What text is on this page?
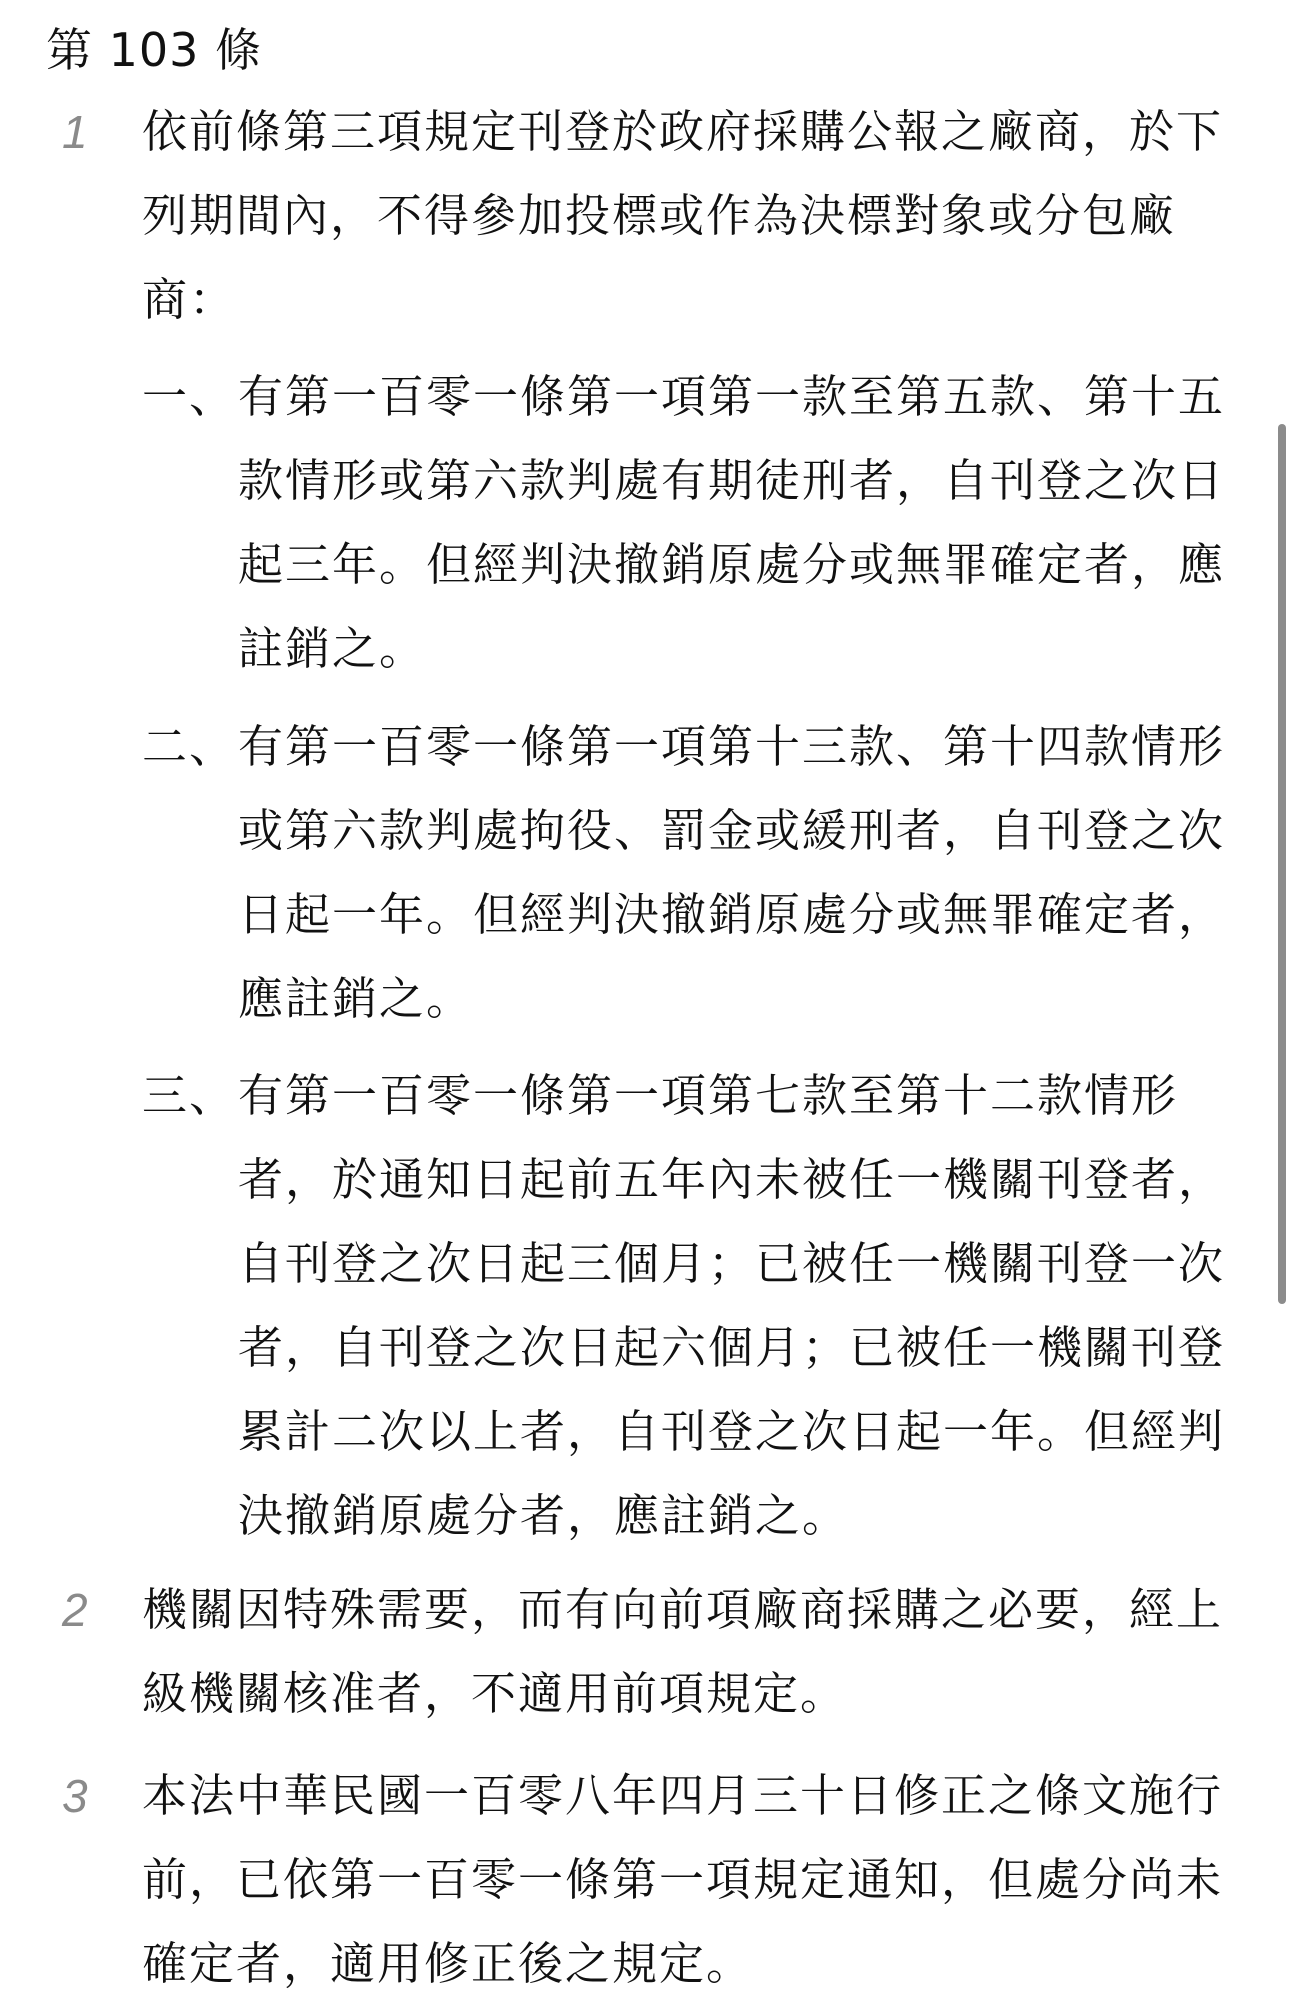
第 103 條
1 依前條第三項規定刊登於政府採購公報之廠商，於下
列期間內，不得參加投標或作為決標對象或分包廠
商：
一、 有第一百零一條第一項第一款至第五款、第十五
款情形或第六款判處有期徒刑者，自刊登之次日
起三年。但經判決撤銷原處分或無罪確定者，應
註銷之。
二、 有第一百零一條第一項第十三款、第十四款情形
或第六款判處拘役、罰金或緩刑者，自刊登之次
日起一年。但經判決撤銷原處分或無罪確定者，
應註銷之。
三、 有第一百零一條第一項第七款至第十二款情形
者，於通知日起前五年內未被任一機關刊登者，
自刊登之次日起三個月；已被任一機關刊登一次
者，自刊登之次日起六個月；已被任一機關刊登
累計二次以上者，自刊登之次日起一年。但經判
決撤銷原處分者，應註銷之。
2 機關因特殊需要，而有向前項廠商採購之必要，經上
級機關核准者，不適用前項規定。
3 本法中華民國一百零八年四月三十日修正之條文施行
前，已依第一百零一條第一項規定通知，但處分尚未
確定者，適用修正後之規定。
